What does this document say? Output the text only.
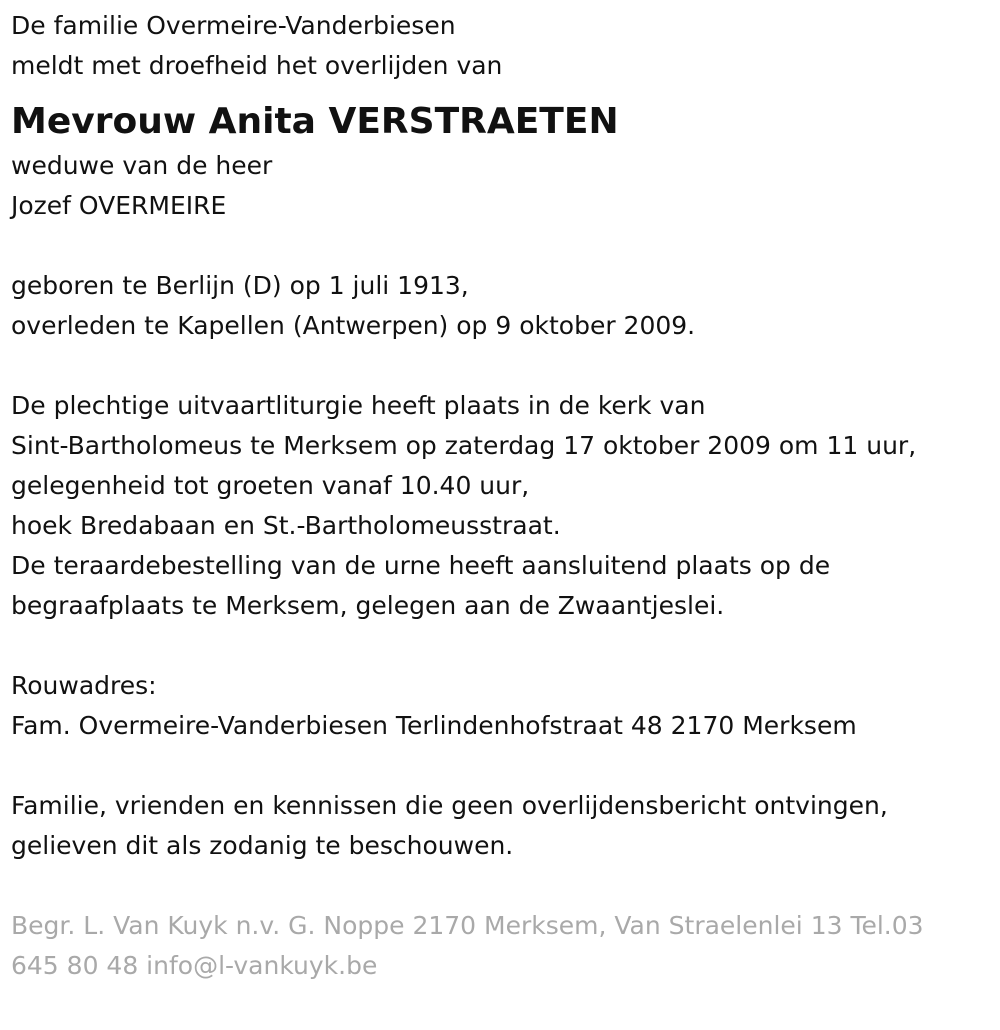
De familie Overmeire-Vanderbiesen
meldt met droefheid het overlijden van
Mevrouw Anita VERSTRAETEN
weduwe van de heer
Jozef OVERMEIRE
geboren te Berlijn (D) op 1 juli 1913,
overleden te Kapellen (Antwerpen) op 9 oktober 2009.
De plechtige uitvaartliturgie heeft plaats in de kerk van
Sint-Bartholomeus te Merksem op zaterdag 17 oktober 2009 om 11 uur,
gelegenheid tot groeten vanaf 10.40 uur,
hoek Bredabaan en St.-Bartholomeusstraat.
De teraardebestelling van de urne heeft aansluitend plaats op de
begraafplaats te Merksem, gelegen aan de Zwaantjeslei.
Rouwadres:
Fam. Overmeire-Vanderbiesen Terlindenhofstraat 48 2170 Merksem
Familie, vrienden en kennissen die geen overlijdensbericht ontvingen,
gelieven dit als zodanig te beschouwen.
Begr. L. Van Kuyk n.v. G. Noppe 2170 Merksem, Van Straelenlei 13 Tel.03
645 80 48 info@l-vankuyk.be
